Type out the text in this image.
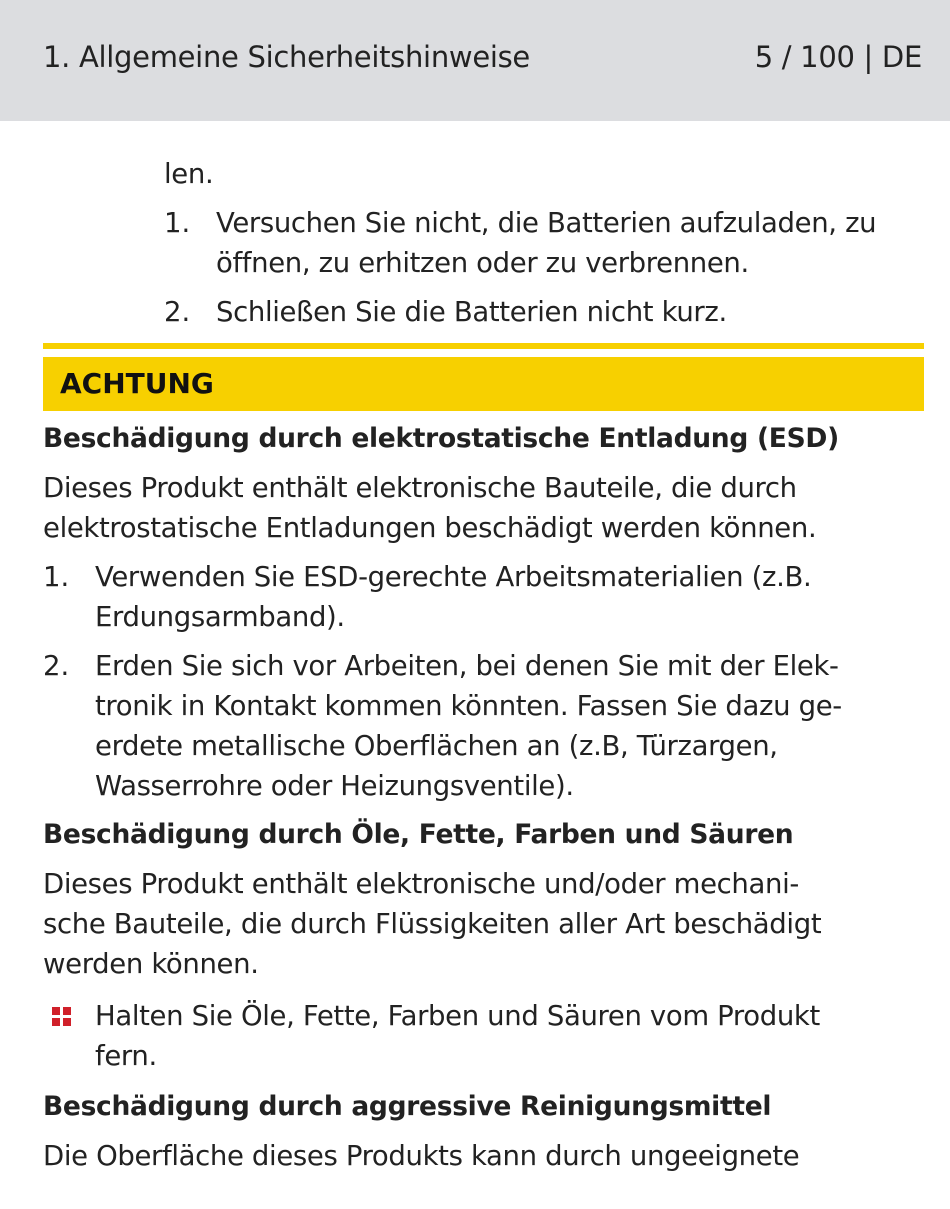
1. Allgemeine Sicherheitshinweise	5 / 100 | DE
len.
1. Versuchen Sie nicht, die Batterien aufzuladen, zu
öffnen, zu erhitzen oder zu verbrennen.
2. Schließen Sie die Batterien nicht kurz.
ACHTUNG
Beschädigung durch elektrostatische Entladung (ESD)
Dieses Produkt enthält elektronische Bauteile, die durch
elektrostatische Entladungen beschädigt werden können.
1. Verwenden Sie ESD-gerechte Arbeitsmaterialien (z.B.
Erdungsarmband).
2. Erden Sie sich vor Arbeiten, bei denen Sie mit der Elek-
tronik in Kontakt kommen könnten. Fassen Sie dazu ge-
erdete metallische Oberflächen an (z.B, Türzargen,
Wasserrohre oder Heizungsventile).
Beschädigung durch Öle, Fette, Farben und Säuren
Dieses Produkt enthält elektronische und/oder mechani-
sche Bauteile, die durch Flüssigkeiten aller Art beschädigt
werden können.
Halten Sie Öle, Fette, Farben und Säuren vom Produkt
fern.
Beschädigung durch aggressive Reinigungsmittel
Die Oberfläche dieses Produkts kann durch ungeeignete
